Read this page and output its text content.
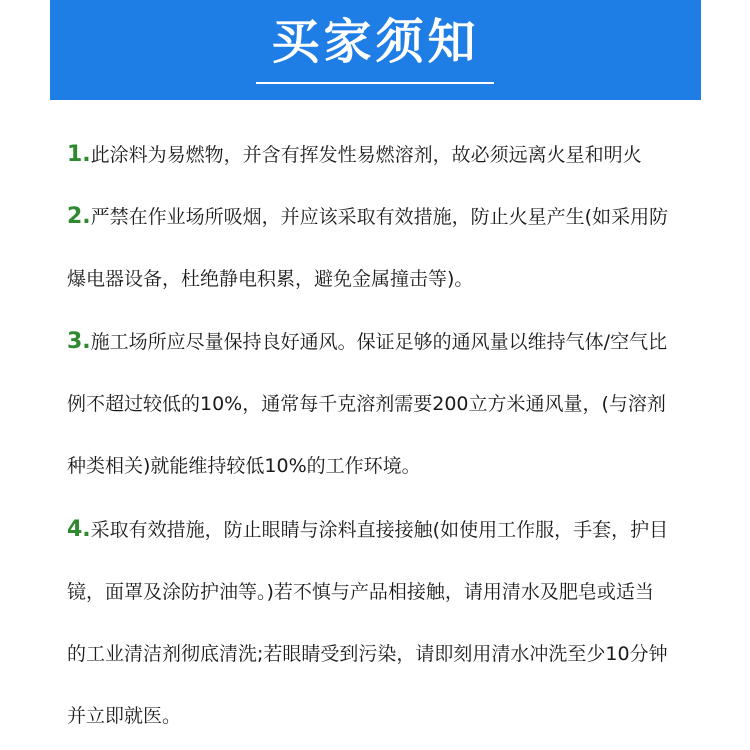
买家须知
1.此涂料为易燃物，并含有挥发性易燃溶剂，故必须远离火星和明火
2.严禁在作业场所吸烟，并应该采取有效措施，防止火星产生(如采用防
爆电器设备，杜绝静电积累，避免金属撞击等)。
3.施工场所应尽量保持良好通风。保证足够的通风量以维持气体/空气比
例不超过较低的10%，通常每千克溶剂需要200立方米通风量，(与溶剂
种类相关)就能维持较低10%的工作环境。
4.采取有效措施，防止眼睛与涂料直接接触(如使用工作服，手套，护目
镜，面罩及涂防护油等。)若不慎与产品相接触，请用清水及肥皂或适当
的工业清洁剂彻底清洗;若眼睛受到污染，请即刻用清水冲洗至少10分钟
并立即就医。
